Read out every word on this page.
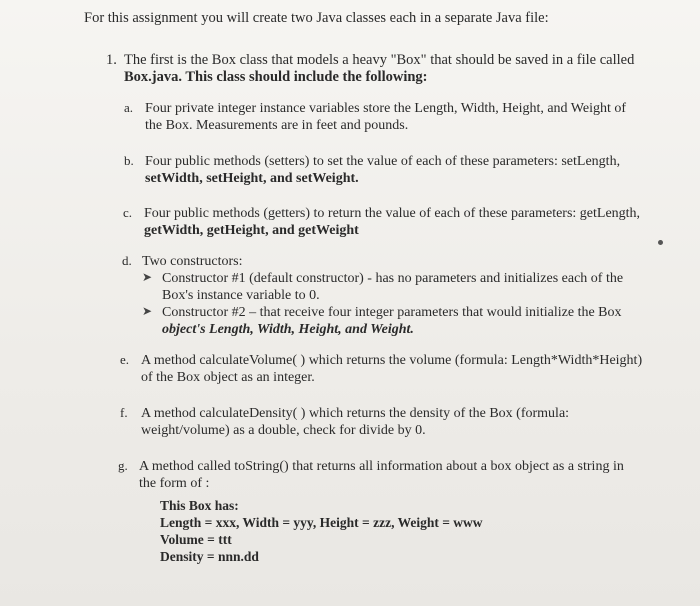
For this assignment you will create two Java classes each in a separate Java file:
1. The first is the Box class that models a heavy "Box" that should be saved in a file called
Box.java. This class should include the following:
a. Four private integer instance variables store the Length, Width, Height, and Weight of
the Box. Measurements are in feet and pounds.
b. Four public methods (setters) to set the value of each of these parameters: setLength,
setWidth, setHeight, and setWeight.
c. Four public methods (getters) to return the value of each of these parameters: getLength,
getWidth, getHeight, and getWeight
d. Two constructors:
➤ Constructor #1 (default constructor) - has no parameters and initializes each of the
Box's instance variable to 0.
➤ Constructor #2 – that receive four integer parameters that would initialize the Box
object's Length, Width, Height, and Weight.
e. A method calculateVolume( ) which returns the volume (formula: Length*Width*Height)
of the Box object as an integer.
f. A method calculateDensity( ) which returns the density of the Box (formula:
weight/volume) as a double, check for divide by 0.
g. A method called toString() that returns all information about a box object as a string in
the form of :
This Box has:
Length = xxx, Width = yyy, Height = zzz, Weight = www
Volume = ttt
Density = nnn.dd
